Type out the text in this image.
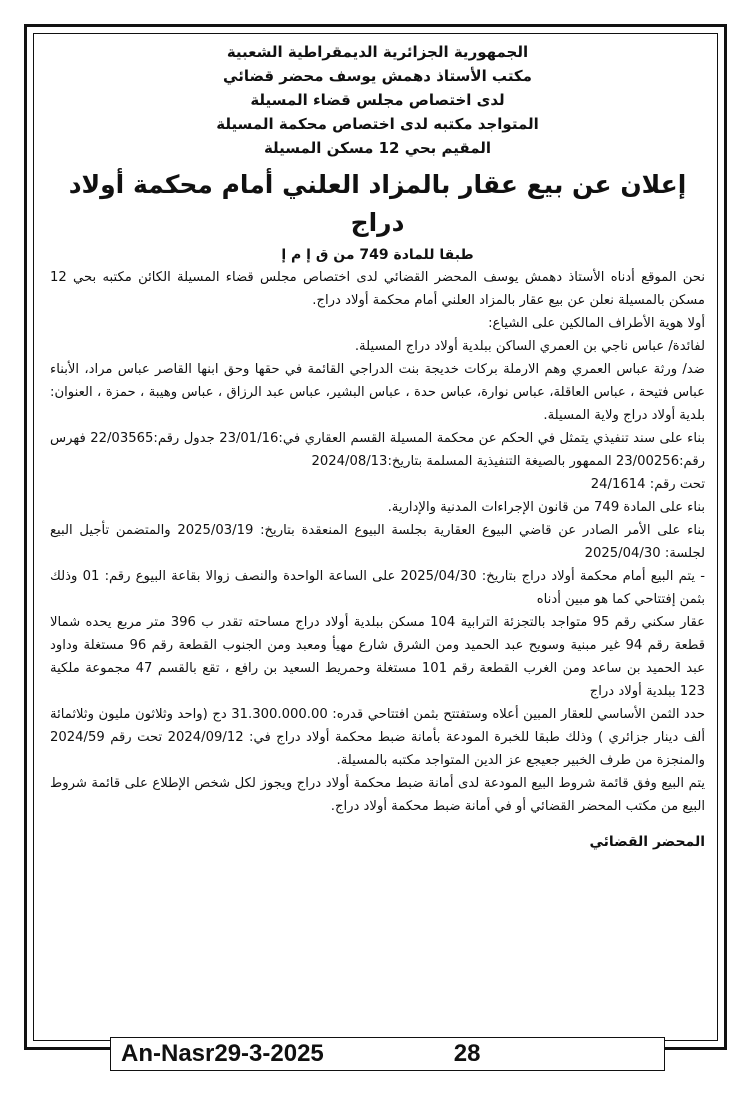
الجمهورية الجزائرية الديمقراطية الشعبية
مكتب الأستاذ دهمش يوسف محضر قضائي
لدى اختصاص مجلس قضاء المسيلة
المتواجد مكتبه لدى اختصاص محكمة المسيلة
المقيم بحي 12 مسكن المسيلة
إعلان عن بيع عقار بالمزاد العلني أمام محكمة أولاد دراج
طبقا للمادة 749 من ق إ م إ

نحن الموقع أدناه الأستاذ دهمش يوسف المحضر القضائي لدى اختصاص مجلس قضاء المسيلة الكائن مكتبه بحي 12 مسكن بالمسيلة نعلن عن بيع عقار بالمزاد العلني أمام محكمة أولاد دراج.

أولا هوية الأطراف المالكين على الشياع:

لفائدة/ عباس ناجي بن العمري الساكن ببلدية أولاد دراج المسيلة.

ضد/ ورثة عباس العمري وهم الارملة بركات خديجة بنت الدراجي القائمة في حقها وحق ابنها القاصر عباس مراد، الأبناء عباس فتيحة ، عباس العاقلة، عباس نوارة، عباس حدة ، عباس البشير، عباس عبد الرزاق ، عباس وهيبة ، حمزة ، العنوان: بلدية أولاد دراج ولاية المسيلة.

بناء على سند تنفيذي يتمثل في الحكم عن محكمة المسيلة القسم العقاري في:23/01/16 جدول رقم:22/03565 فهرس رقم:23/00256 الممهور بالصيغة التنفيذية المسلمة بتاريخ:2024/08/13

تحت رقم: 24/1614

بناء على المادة 749 من قانون الإجراءات المدنية والإدارية.

بناء على الأمر الصادر عن قاضي البيوع العقارية بجلسة البيوع المنعقدة بتاريخ: 2025/03/19 والمتضمن تأجيل البيع لجلسة: 2025/04/30

- يتم البيع أمام محكمة أولاد دراج بتاريخ: 2025/04/30 على الساعة الواحدة والنصف زوالا بقاعة البيوع رقم: 01 وذلك بثمن إفتتاحي كما هو مبين أدناه

عقار سكني رقم 95 متواجد بالتجزئة الترابية 104 مسكن ببلدية أولاد دراج مساحته تقدر ب 396 متر مربع يحده شمالا قطعة رقم 94 غير مبنية وسويح عبد الحميد ومن الشرق شارع مهيأ ومعبد ومن الجنوب القطعة رقم 96 مستغلة وداود عبد الحميد بن ساعد ومن الغرب القطعة رقم 101 مستغلة وحمريط السعيد بن رافع ، تقع بالقسم 47 مجموعة ملكية 123 ببلدية أولاد دراج

حدد الثمن الأساسي للعقار المبين أعلاه وستفتتح بثمن افتتاحي قدره: 31.300.000.00 دج (واحد وثلاثون مليون وثلاثمائة ألف دينار جزائري ) وذلك طبقا للخبرة المودعة بأمانة ضبط محكمة أولاد دراج في: 2024/09/12 تحت رقم 2024/59 والمنجزة من طرف الخبير جعيجع عز الدين المتواجد مكتبه بالمسيلة.

يتم البيع وفق قائمة شروط البيع المودعة لدى أمانة ضبط محكمة أولاد دراج ويجوز لكل شخص الإطلاع على قائمة شروط البيع من مكتب المحضر القضائي أو في أمانة ضبط محكمة أولاد دراج.

المحضر القضائي
An-Nasr29-3-2025	28
